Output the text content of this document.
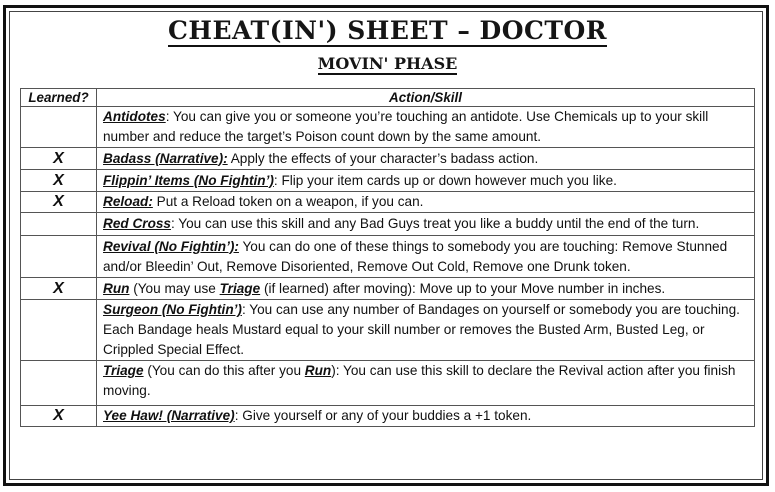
CHEAT(IN') SHEET – DOCTOR
MOVIN' PHASE
Learned?	Action/Skill
	Antidotes: You can give you or someone you’re touching an antidote. Use Chemicals up to your skill number and reduce the target’s Poison count down by the same amount.
X	Badass (Narrative): Apply the effects of your character’s badass action.
X	Flippin’ Items (No Fightin’): Flip your item cards up or down however much you like.
X	Reload: Put a Reload token on a weapon, if you can.
	Red Cross: You can use this skill and any Bad Guys treat you like a buddy until the end of the turn.
	Revival (No Fightin’): You can do one of these things to somebody you are touching: Remove Stunned and/or Bleedin’ Out, Remove Disoriented, Remove Out Cold, Remove one Drunk token.
X	Run (You may use Triage (if learned) after moving): Move up to your Move number in inches.
	Surgeon (No Fightin’): You can use any number of Bandages on yourself or somebody you are touching. Each Bandage heals Mustard equal to your skill number or removes the Busted Arm, Busted Leg, or Crippled Special Effect.
	Triage (You can do this after you Run): You can use this skill to declare the Revival action after you finish moving.
X	Yee Haw! (Narrative): Give yourself or any of your buddies a +1 token.
